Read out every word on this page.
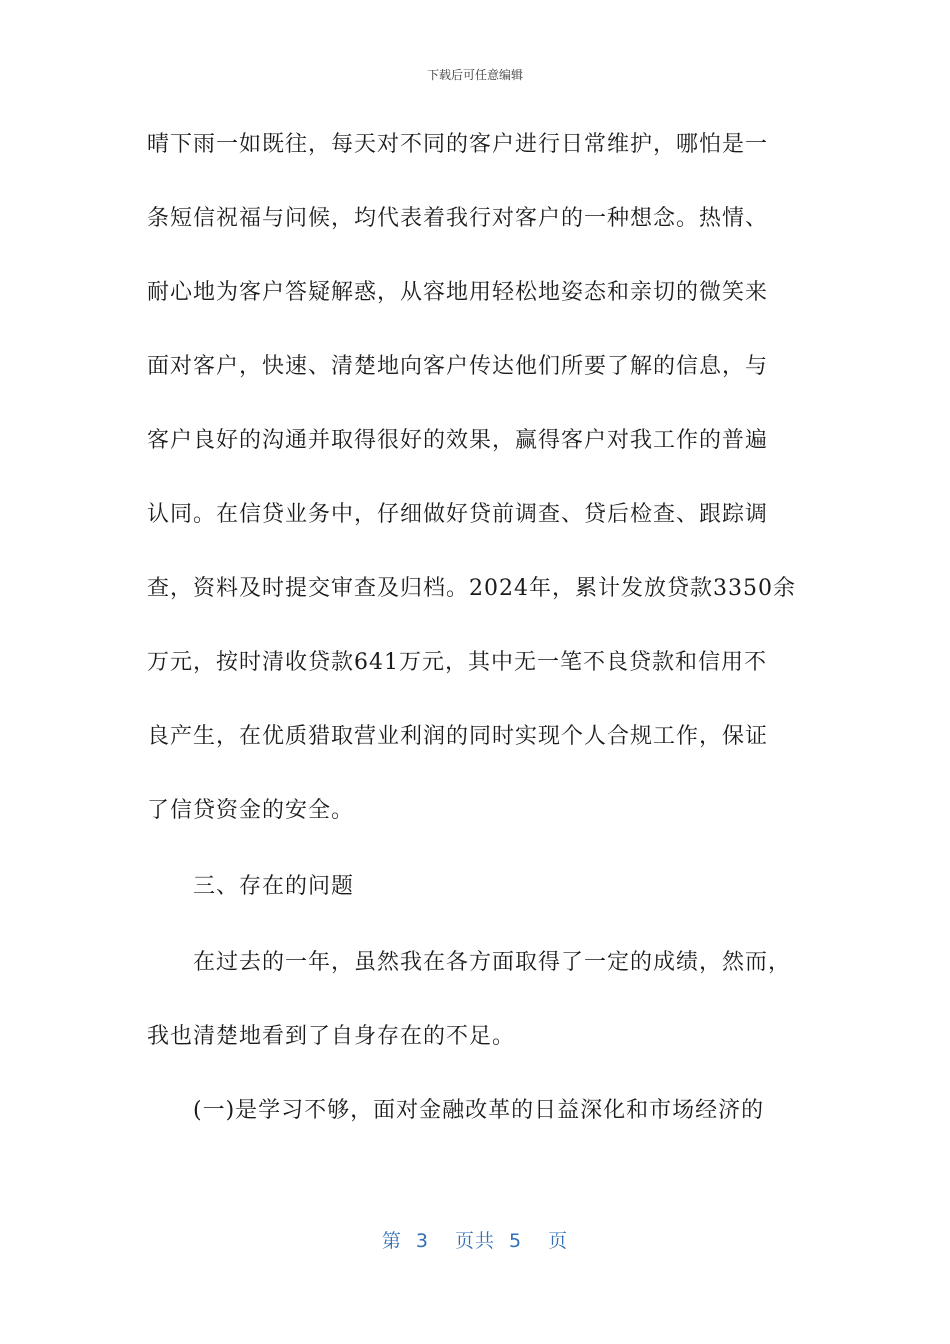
下载后可任意编辑
晴下雨一如既往，每天对不同的客户进行日常维护，哪怕是一
条短信祝福与问候，均代表着我行对客户的一种想念。热情、
耐心地为客户答疑解惑，从容地用轻松地姿态和亲切的微笑来
面对客户，快速、清楚地向客户传达他们所要了解的信息，与
客户良好的沟通并取得很好的效果，赢得客户对我工作的普遍
认同。在信贷业务中，仔细做好贷前调查、贷后检查、跟踪调
查，资料及时提交审查及归档。2024年，累计发放贷款3350余
万元，按时清收贷款641万元，其中无一笔不良贷款和信用不
良产生，在优质猎取营业利润的同时实现个人合规工作，保证
了信贷资金的安全。
三、存在的问题
在过去的一年，虽然我在各方面取得了一定的成绩，然而，
我也清楚地看到了自身存在的不足。
(一)是学习不够，面对金融改革的日益深化和市场经济的
第 3 页共 5 页
